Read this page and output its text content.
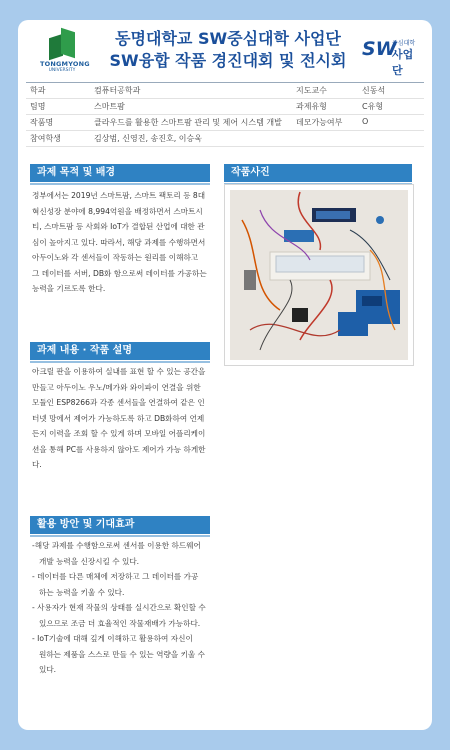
TONGMYONG
UNIVERSITY
동명대학교 SW중심대학 사업단
SW융합 작품 경진대회 및 전시회
SW
중심대학
사업단
학과	컴퓨터공학과	지도교수	신동석
팀명	스마트팜	과제유형	C유형
작품명	클라우드를 활용한 스마트팜 관리 및 제어 시스템 개발 데모가능여부 O
참여학생	김상범, 신영진, 송진호, 이승욱
과제 목적 및 배경

정부에서는 2019년 스마트팜, 스마트 팩토리 등 8대

혁신성장 분야에 8,994억원을 배정하면서 스마트시

티, 스마트팜 등 사회와 IoT가 결합된 산업에 대한 관

심이 높아지고 있다. 따라서, 해당 과제를 수행하면서

아두이노와 각 센서들이 작동하는 원리를 이해하고

그 데이터를 서버, DB화 함으로써 데이터를 가공하는

능력을 기르도록 한다.

작품사진
과제 내용 · 작품 설명

아크릴 판을 이용하여 실내를 표현 할 수 있는 공간을

만들고 아두이노 우노/메가와 와이파이 연결을 위한

모듈인 ESP8266과 각종 센서들을 연결하여 같은 인

터넷 망에서 제어가 가능하도록 하고 DB화하여 언제

든지 이력을 조회 할 수 있게 하며 모바일 어플리케이

션을 통해 PC를 사용하지 않아도 제어가 가능 하게한

다.

활용 방안 및 기대효과
-해당 과제를 수행함으로써 센서를 이용한 하드웨어
개발 능력을 신장시킬 수 있다.
- 데이터를 다른 매체에 저장하고 그 데이터를 가공
하는 능력을 키울 수 있다.
- 사용자가 현재 작물의 상태를 실시간으로 확인할 수
있으므로 조금 더 효율적인 작물재배가 가능하다.
- IoT기술에 대해 깊게 이해하고 활용하여 자신이
원하는 제품을 스스로 만들 수 있는 역량을 키울 수
있다.
